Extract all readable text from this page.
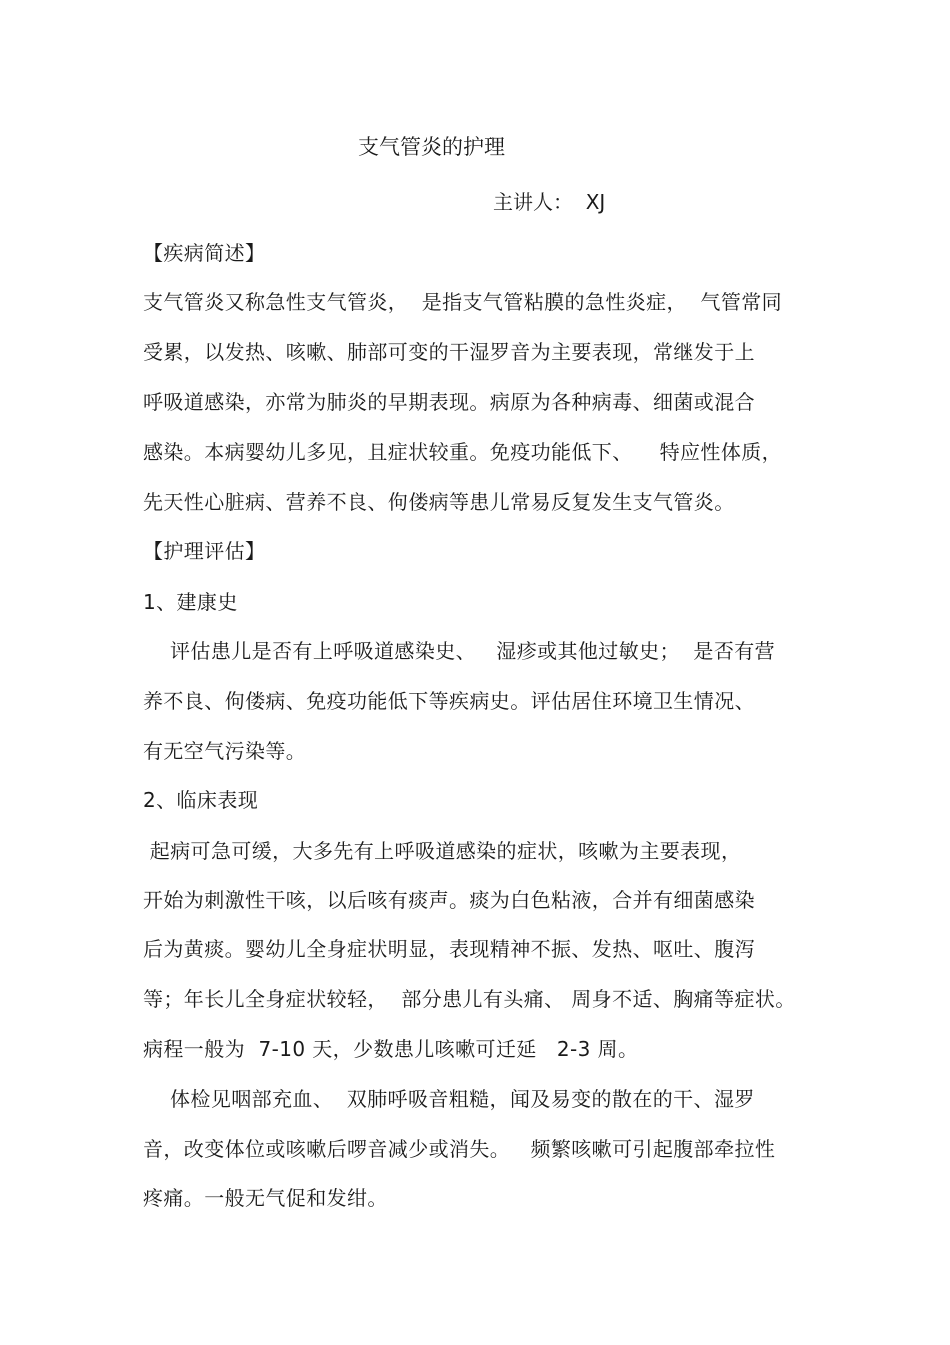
支气管炎的护理
主讲人：  XJ
【疾病简述】
支气管炎又称急性支气管炎，  是指支气管粘膜的急性炎症，  气管常同
受累，以发热、咳嗽、肺部可变的干湿罗音为主要表现，常继发于上
呼吸道感染，亦常为肺炎的早期表现。病原为各种病毒、细菌或混合
感染。本病婴幼儿多见，且症状较重。免疫功能低下、    特应性体质，
先天性心脏病、营养不良、佝偻病等患儿常易反复发生支气管炎。
【护理评估】
1、建康史
评估患儿是否有上呼吸道感染史、   湿疹或其他过敏史；  是否有营
养不良、佝偻病、免疫功能低下等疾病史。评估居住环境卫生情况、
有无空气污染等。
2、临床表现
起病可急可缓，大多先有上呼吸道感染的症状，咳嗽为主要表现，
开始为刺激性干咳，以后咳有痰声。痰为白色粘液，合并有细菌感染
后为黄痰。婴幼儿全身症状明显，表现精神不振、发热、呕吐、腹泻
等；年长儿全身症状较轻，  部分患儿有头痛、 周身不适、胸痛等症状。
病程一般为  7-10 天，少数患儿咳嗽可迁延   2-3 周。
体检见咽部充血、  双肺呼吸音粗糙，闻及易变的散在的干、湿罗
音，改变体位或咳嗽后啰音减少或消失。   频繁咳嗽可引起腹部牵拉性
疼痛。一般无气促和发绀。
